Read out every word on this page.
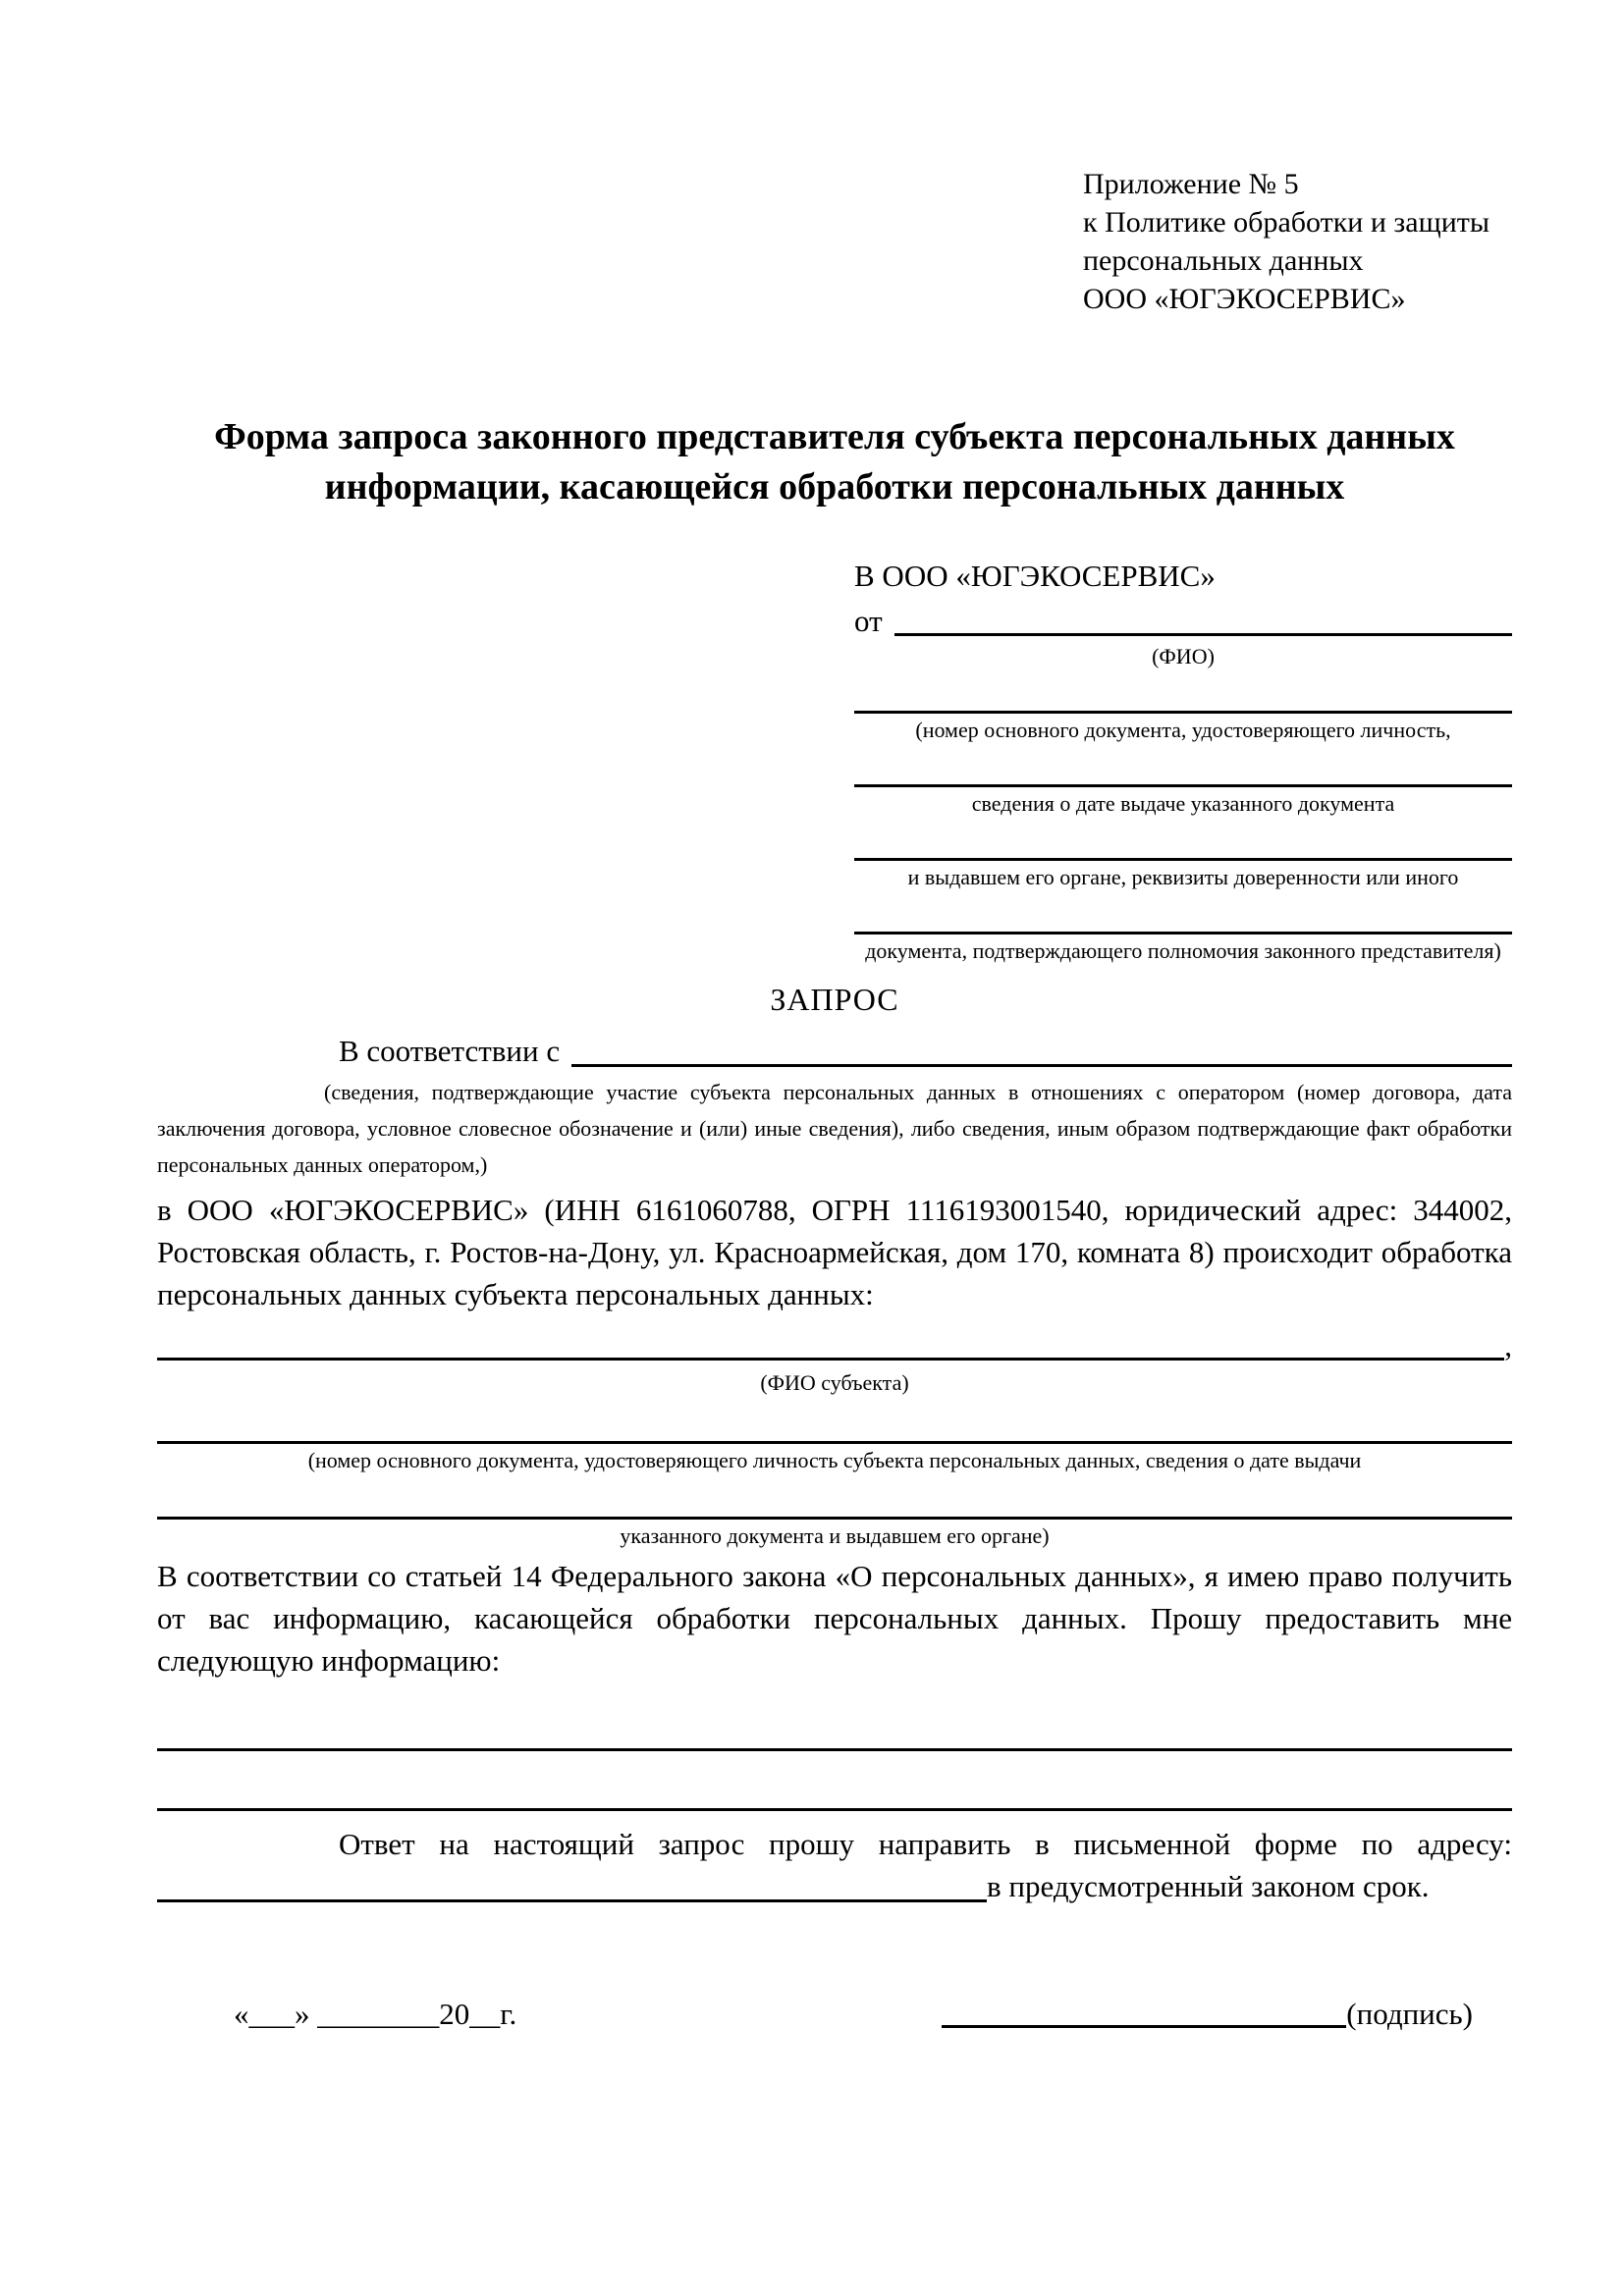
Приложение № 5
к Политике обработки и защиты
персональных данных
ООО «ЮГЭКОСЕРВИС»
Форма запроса законного представителя субъекта персональных данных
информации, касающейся обработки персональных данных
В ООО «ЮГЭКОСЕРВИС»
от
(ФИО)
(номер основного документа, удостоверяющего личность,
сведения о дате выдаче указанного документа
и выдавшем его органе, реквизиты доверенности или иного
документа, подтверждающего полномочия законного представителя)
ЗАПРОС
В соответствии с
(сведения, подтверждающие участие субъекта персональных данных в отношениях с оператором (номер договора, дата заключения договора, условное словесное обозначение и (или) иные сведения), либо сведения, иным образом подтверждающие факт обработки персональных данных оператором,)
в ООО «ЮГЭКОСЕРВИС» (ИНН 6161060788, ОГРН 1116193001540, юридический адрес: 344002, Ростовская область, г. Ростов-на-Дону, ул. Красноармейская, дом 170, комната 8) происходит обработка персональных данных субъекта персональных данных:
,
(ФИО субъекта)
(номер основного документа, удостоверяющего личность субъекта персональных данных, сведения о дате выдачи
указанного документа и выдавшем его органе)
В соответствии со статьей 14 Федерального закона «О персональных данных», я имею право получить от вас информацию, касающейся обработки персональных данных. Прошу предоставить мне следующую информацию:
Ответ на настоящий запрос прошу направить в письменной форме по адресу:
в предусмотренный законом срок.
«___» ________20__г.	(подпись)
